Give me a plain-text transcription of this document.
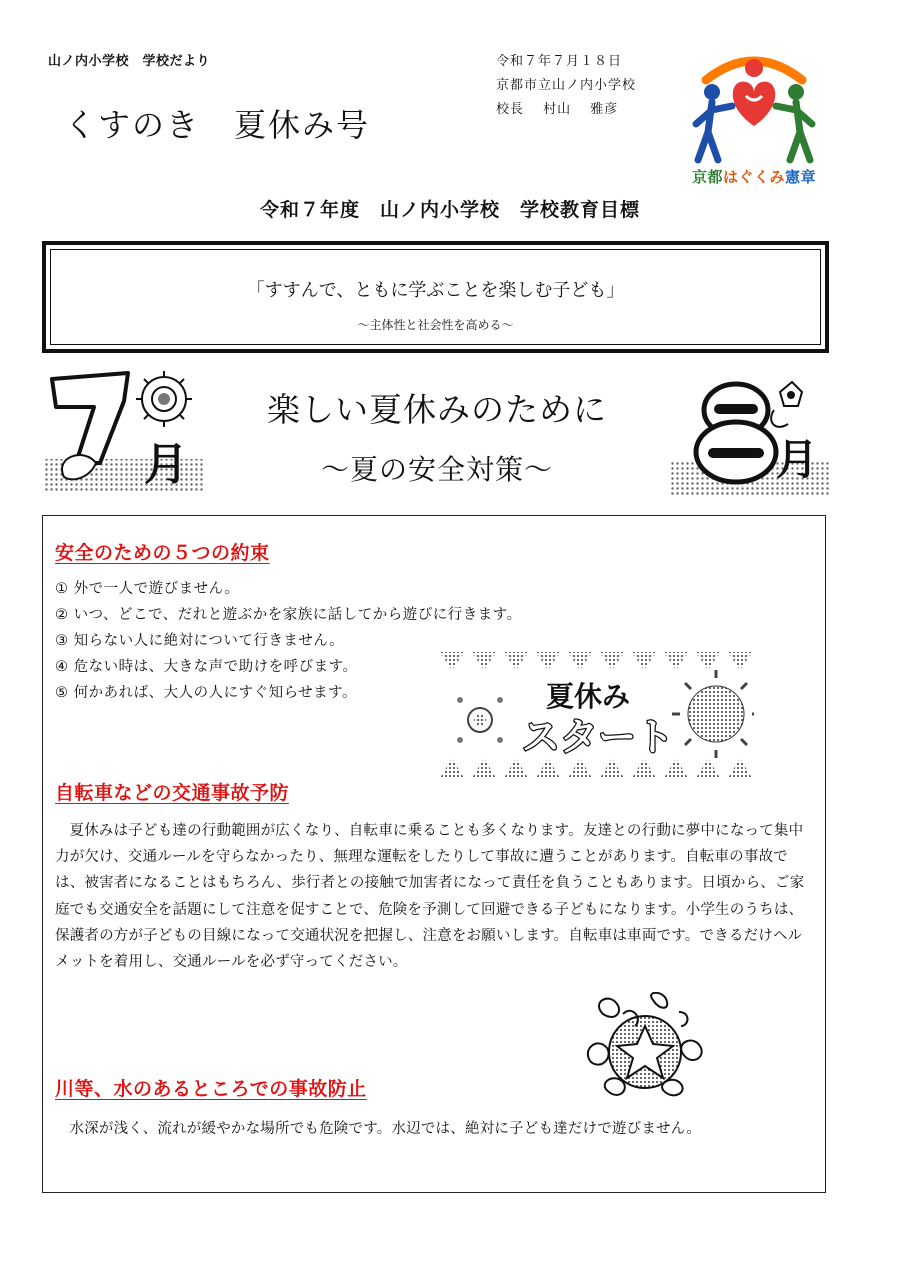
山ノ内小学校　学校だより
くすのき　夏休み号
令和７年７月１８日
京都市立山ノ内小学校
校長　 村山　 雅彦
京都はぐくみ憲章
令和７年度　山ノ内小学校　学校教育目標
「すすんで、ともに学ぶことを楽しむ子ども」
～主体性と社会性を高める～
月
楽しい夏休みのために
～夏の安全対策～	月
安全のための５つの約束
① 外で一人で遊びません。
② いつ、どこで、だれと遊ぶかを家族に話してから遊びに行きます。
③ 知らない人に絶対について行きません。
④ 危ない時は、大きな声で助けを呼びます。
⑤ 何かあれば、大人の人にすぐ知らせます。
自転車などの交通事故予防
夏休みは子ども達の行動範囲が広くなり、自転車に乗ることも多くなります。友達との行動に夢中になって集中力が欠け、交通ルールを守らなかったり、無理な運転をしたりして事故に遭うことがあります。自転車の事故では、被害者になることはもちろん、歩行者との接触で加害者になって責任を負うこともあります。日頃から、ご家庭でも交通安全を話題にして注意を促すことで、危険を予測して回避できる子どもになります。小学生のうちは、保護者の方が子どもの目線になって交通状況を把握し、注意をお願いします。自転車は車両です。できるだけヘルメットを着用し、交通ルールを必ず守ってください。
川等、水のあるところでの事故防止
水深が浅く、流れが緩やかな場所でも危険です。水辺では、絶対に子ども達だけで遊びません。
夏休み
スタート
